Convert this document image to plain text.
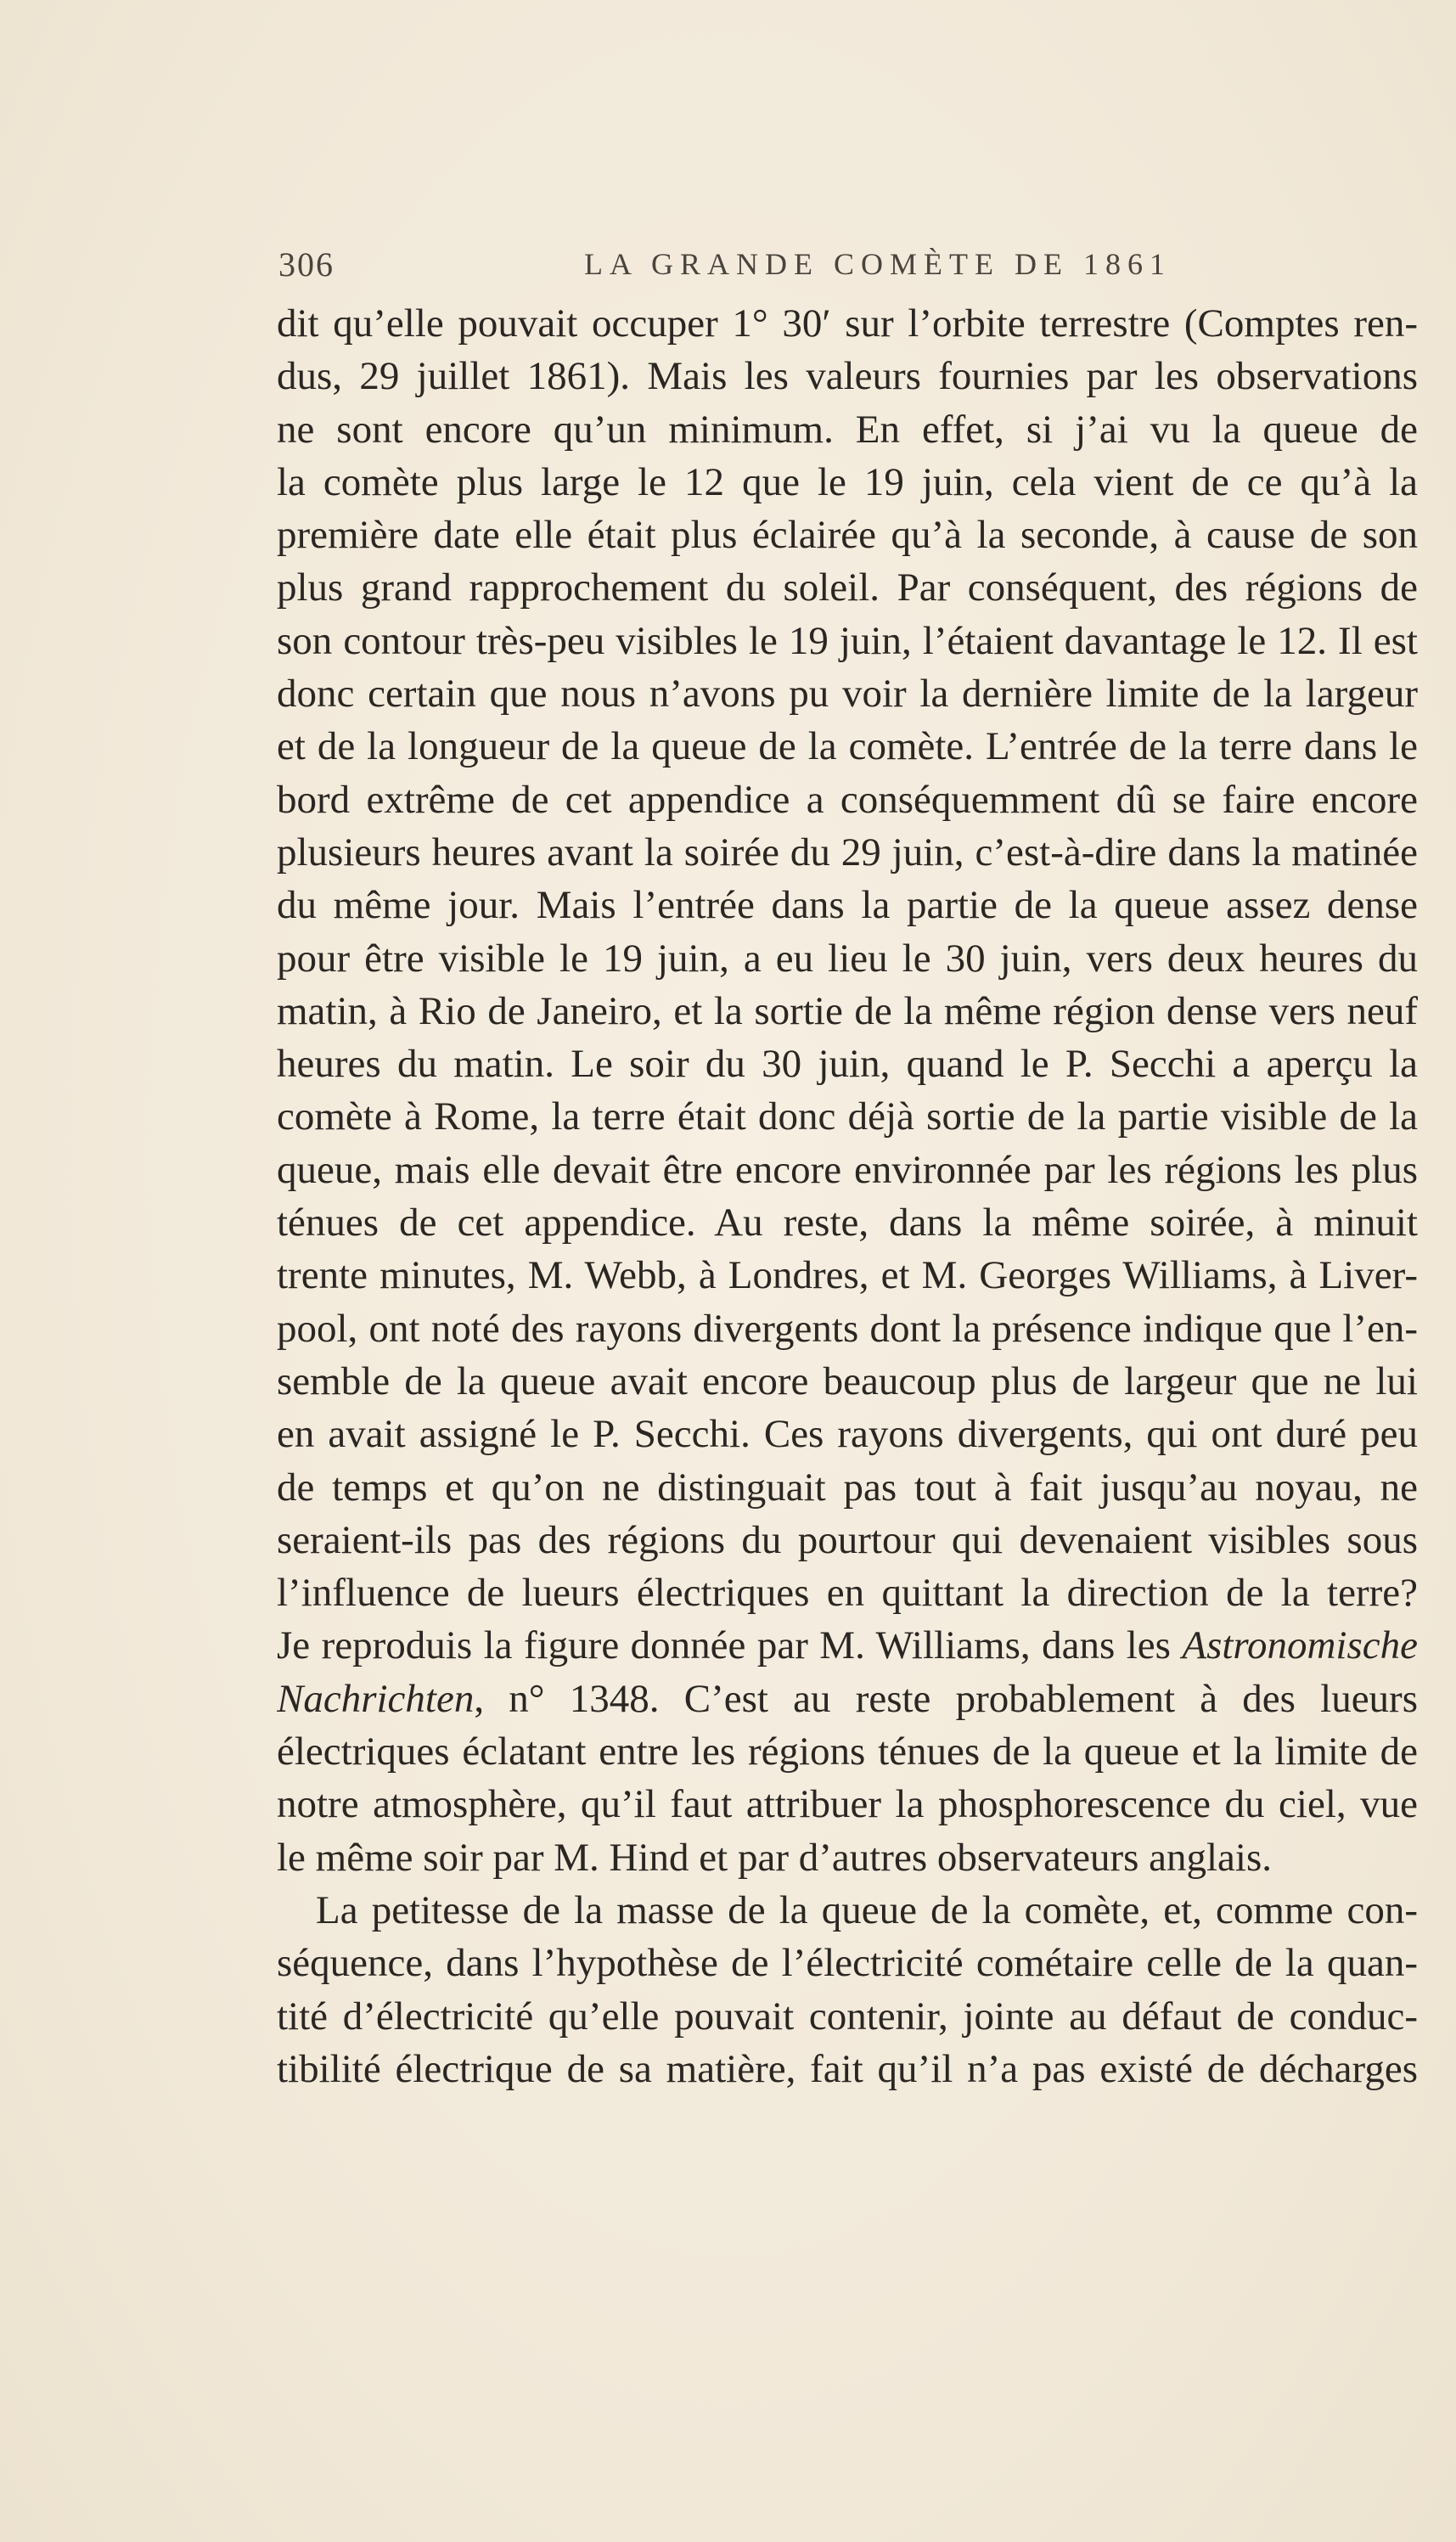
306	LA GRANDE COMÈTE DE 1861
dit qu’elle pouvait occuper 1° 30′ sur l’orbite terrestre (Comptes ren-
dus, 29 juillet 1861). Mais les valeurs fournies par les observations
ne sont encore qu’un minimum. En effet, si j’ai vu la queue de
la comète plus large le 12 que le 19 juin, cela vient de ce qu’à la
première date elle était plus éclairée qu’à la seconde, à cause de son
plus grand rapprochement du soleil. Par conséquent, des régions de
son contour très-peu visibles le 19 juin, l’étaient davantage le 12. Il est
donc certain que nous n’avons pu voir la dernière limite de la largeur
et de la longueur de la queue de la comète. L’entrée de la terre dans le
bord extrême de cet appendice a conséquemment dû se faire encore
plusieurs heures avant la soirée du 29 juin, c’est-à-dire dans la matinée
du même jour. Mais l’entrée dans la partie de la queue assez dense
pour être visible le 19 juin, a eu lieu le 30 juin, vers deux heures du
matin, à Rio de Janeiro, et la sortie de la même région dense vers neuf
heures du matin. Le soir du 30 juin, quand le P. Secchi a aperçu la
comète à Rome, la terre était donc déjà sortie de la partie visible de la
queue, mais elle devait être encore environnée par les régions les plus
ténues de cet appendice. Au reste, dans la même soirée, à minuit
trente minutes, M. Webb, à Londres, et M. Georges Williams, à Liver-
pool, ont noté des rayons divergents dont la présence indique que l’en-
semble de la queue avait encore beaucoup plus de largeur que ne lui
en avait assigné le P. Secchi. Ces rayons divergents, qui ont duré peu
de temps et qu’on ne distinguait pas tout à fait jusqu’au noyau, ne
seraient-ils pas des régions du pourtour qui devenaient visibles sous
l’influence de lueurs électriques en quittant la direction de la terre?
Je reproduis la figure donnée par M. Williams, dans les Astronomische
Nachrichten, n° 1348. C’est au reste probablement à des lueurs
électriques éclatant entre les régions ténues de la queue et la limite de
notre atmosphère, qu’il faut attribuer la phosphorescence du ciel, vue
le même soir par M. Hind et par d’autres observateurs anglais.
La petitesse de la masse de la queue de la comète, et, comme con-
séquence, dans l’hypothèse de l’électricité cométaire celle de la quan-
tité d’électricité qu’elle pouvait contenir, jointe au défaut de conduc-
tibilité électrique de sa matière, fait qu’il n’a pas existé de décharges
